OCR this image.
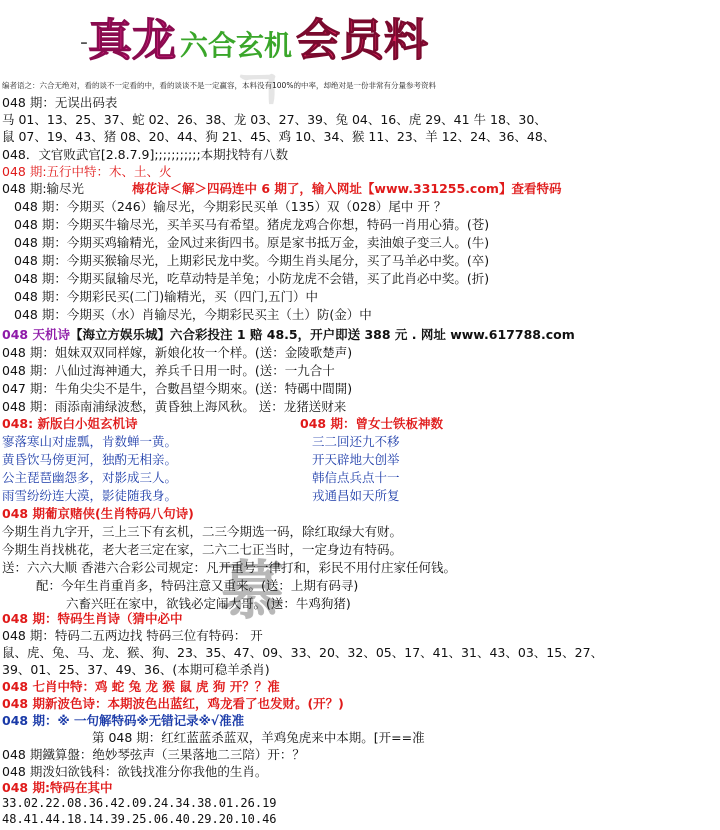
- 真龙 六合玄机会员料
ㄱ
慕
编者语之：六合无绝对，看的谈不一定看的中，看的谈谈不是一定赢容，本料没有100%的中率，却绝对是一份非常有分量参考资料
048 期：无误出码表
马 01、13、25、37、蛇 02、26、38、龙 03、27、39、兔 04、16、虎 29、41 牛 18、30、
鼠 07、19、43、猪 08、20、44、狗 21、45、鸡 10、34、猴 11、23、羊 12、24、36、48、
048．文官败武官[2.8.7.9];;;;;;;;;;;本期找特有八数
048 期:五行中特：木、土、火
048 期:输尽光	梅花诗＜解＞四码连中 6 期了，输入网址【www.331255.com】查看特码
048 期：今期买（246）输尽光，今期彩民买单（135）双（028）尾中 开 ？
048 期：今期买牛输尽光，买羊买马有希望。猪虎龙鸡合你想，特码一肖用心猜。(苍)
048 期：今期买鸡输精光，金风过来街四书。原是家书抵万金，卖油娘子变三人。(牛)
048 期：今期买猴输尽光，上期彩民龙中奖。今期生肖头尾分，买了马羊必中奖。(卒)
048 期：今期买鼠输尽光，吃草动特是羊兔；小防龙虎不会错，买了此肖必中奖。(折)
048 期：今期彩民买(二门)输精光，买（四门,五门）中
048 期：今期买（水）肖输尽光，今期彩民买主（土）防(金）中
048 天机诗 【海立方娱乐城】六合彩投注 1 赔 48.5，开户即送 388 元 . 网址 www.617788.com
048 期：姐妹双双同样嫁，新娘化妆一个样。(送：金陵歌楚声)
048 期：八仙过海神通大，养兵千日用一时。(送：一九合十
047 期：牛角尖尖不是牛，合數昌望今期來。(送：特碼中間開)
048 期：雨添南浦绿波愁，黄昏独上海风秋。 送：龙猪送财来
048: 新版白小姐玄机诗	048 期：曾女士铁板神数
寥落寒山对虚瓢，肯数蝉一黄。	三二回还九不移
黄昏饮马傍更河，独酌无相亲。	开天辟地大创举
公主琵琶幽怨多，对影成三人。	韩信点兵点十一
雨雪纷纷连大漠，影徒随我身。	戎通昌如天所复
048 期葡京赌侠(生肖特码八句诗)
今期生肖九字开，三上三下有玄机，二三今期选一码，除红取绿大有财。
今期生肖找桃花，老大老三定在家，二六二七正当时，一定身边有特码。
送：六六大顺 香港六合彩公司规定：凡开重号一律打和，彩民不用付庄家任何钱。
配：今年生肖重肖多，特码注意又重来。(送：上期有码寻)
六畜兴旺在家中，欲钱必定闹大哥。(送：牛鸡狗猪)
048 期：特码生肖诗（猜中必中
048 期：特码二五两边找 特码三位有特码： 开
鼠、虎、兔、马、龙、猴、狗、23、35、47、09、33、20、32、05、17、41、31、43、03、15、27、
39、01、25、37、49、36、(本期可稳羊杀肖)
048 七肖中特：鸡 蛇 兔 龙 猴 鼠 虎 狗 开？？准
048 期新波色诗：本期波色出蓝红，鸡龙看了也发财。(开？)
048 期：※ 一句解特码※无错记录※√准准
第 048 期：红红蓝蓝杀蓝双，羊鸡兔虎来中本期。[开==准
048 期鐵算盤：绝妙琴弦声（三果落地二三陪）开：？
048 期泼妇欲钱科：欲钱找准分你我他的生肖。
048 期:特码在其中
33.02.22.08.36.42.09.24.34.38.01.26.19
48.41.44.18.14.39.25.06.40.29.20.10.46
